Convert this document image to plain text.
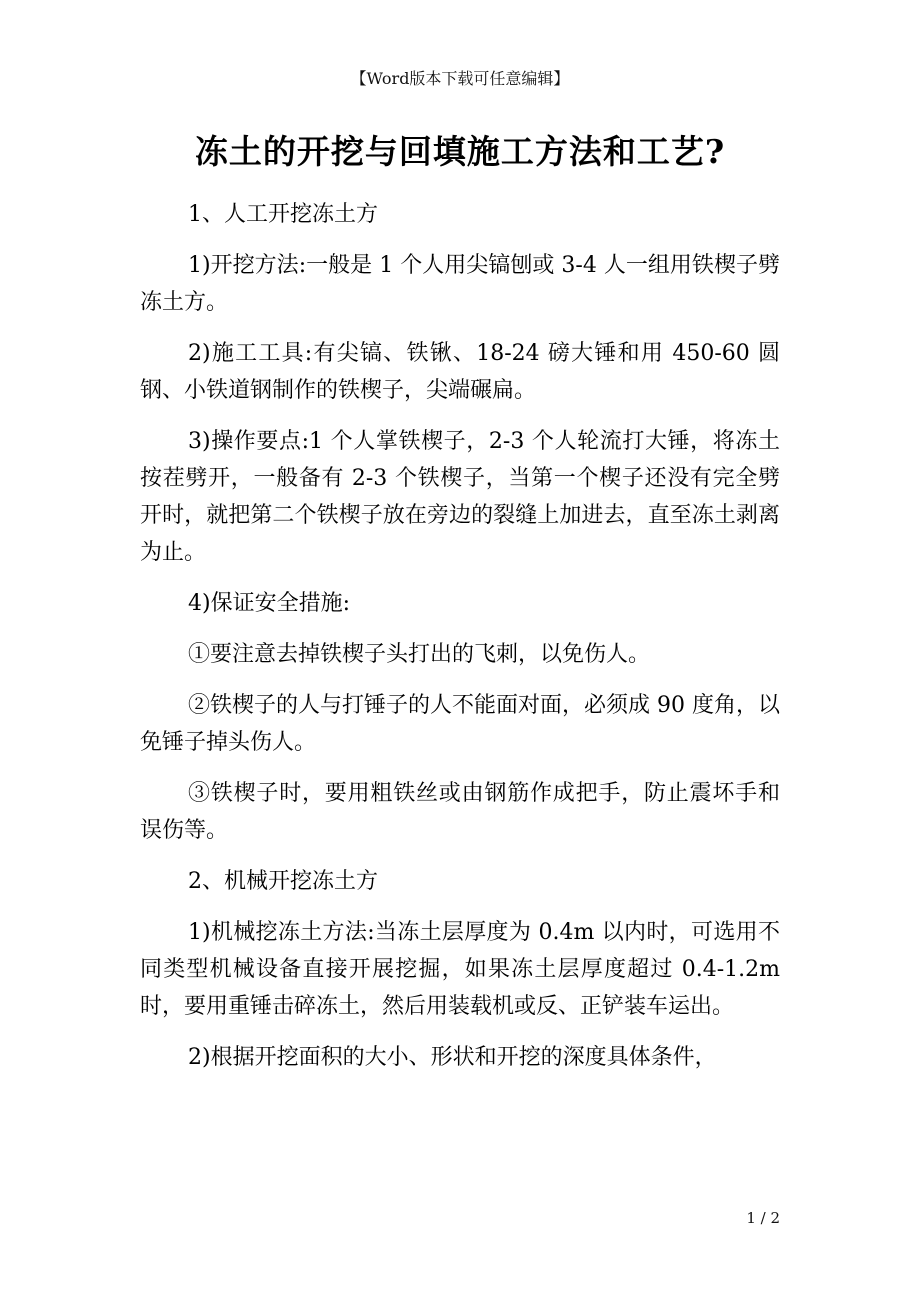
【Word版本下载可任意编辑】
冻土的开挖与回填施工方法和工艺?

1、人工开挖冻土方

1)开挖方法:一般是 1 个人用尖镐刨或 3-4 人一组用铁楔子劈冻土方。

2)施工工具:有尖镐、铁锹、18-24 磅大锤和用 450-60 圆钢、小铁道钢制作的铁楔子，尖端碾扁。

3)操作要点:1 个人掌铁楔子，2-3 个人轮流打大锤，将冻土按茬劈开，一般备有 2-3 个铁楔子，当第一个楔子还没有完全劈开时，就把第二个铁楔子放在旁边的裂缝上加进去，直至冻土剥离为止。

4)保证安全措施:

①要注意去掉铁楔子头打出的飞刺，以免伤人。

②铁楔子的人与打锤子的人不能面对面，必须成 90 度角，以免锤子掉头伤人。

③铁楔子时，要用粗铁丝或由钢筋作成把手，防止震坏手和误伤等。

2、机械开挖冻土方

1)机械挖冻土方法:当冻土层厚度为 0.4m 以内时，可选用不同类型机械设备直接开展挖掘，如果冻土层厚度超过 0.4-1.2m 时，要用重锤击碎冻土，然后用装载机或反、正铲装车运出。

2)根据开挖面积的大小、形状和开挖的深度具体条件，

1 / 2
